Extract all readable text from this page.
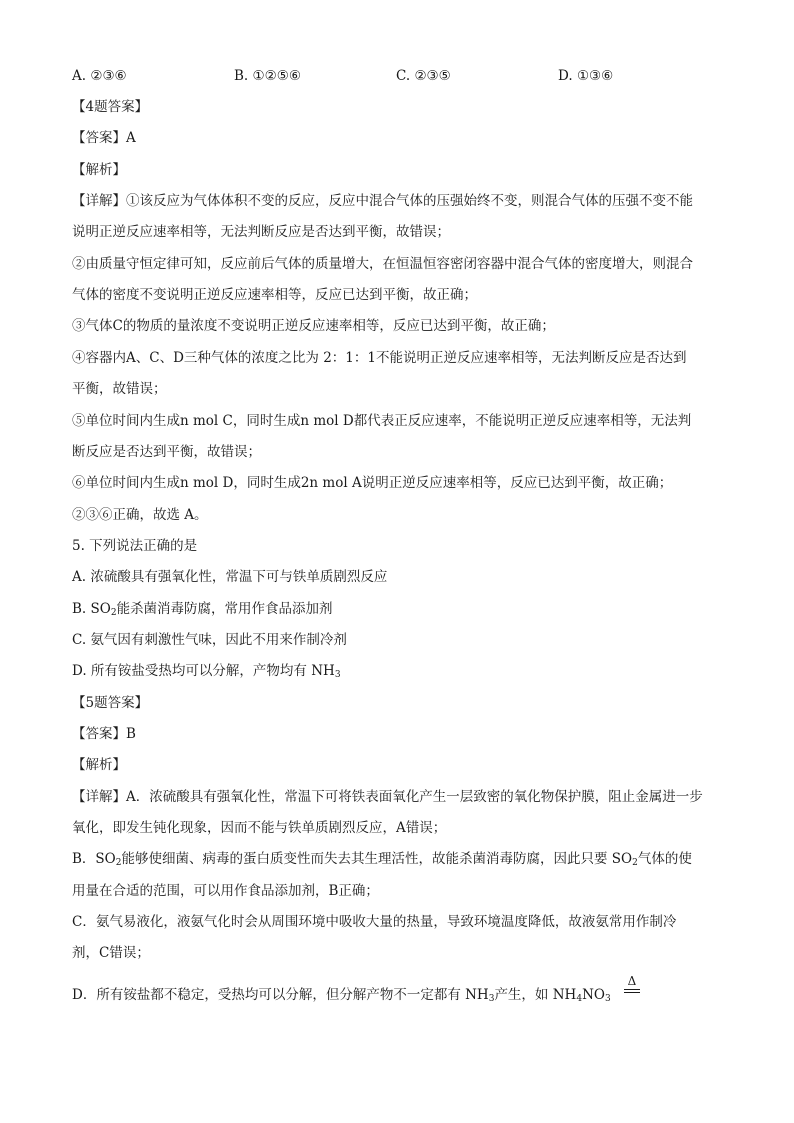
A. ②③⑥	B. ①②⑤⑥	C. ②③⑤	D. ①③⑥
【4题答案】
【答案】A
【解析】
【详解】①该反应为气体体积不变的反应，反应中混合气体的压强始终不变，则混合气体的压强不变不能
说明正逆反应速率相等，无法判断反应是否达到平衡，故错误；
②由质量守恒定律可知，反应前后气体的质量增大，在恒温恒容密闭容器中混合气体的密度增大，则混合
气体的密度不变说明正逆反应速率相等，反应已达到平衡，故正确；
③气体C的物质的量浓度不变说明正逆反应速率相等，反应已达到平衡，故正确；
④容器内A、C、D三种气体的浓度之比为 2：1：1不能说明正逆反应速率相等，无法判断反应是否达到
平衡，故错误；
⑤单位时间内生成n mol C，同时生成n mol D都代表正反应速率，不能说明正逆反应速率相等，无法判
断反应是否达到平衡，故错误；
⑥单位时间内生成n mol D，同时生成2n mol A说明正逆反应速率相等，反应已达到平衡，故正确；
②③⑥正确，故选 A。
5. 下列说法正确的是
A. 浓硫酸具有强氧化性，常温下可与铁单质剧烈反应
B. $SO_2$能杀菌消毒防腐，常用作食品添加剂
C. 氨气因有刺激性气味，因此不用来作制冷剂
D. 所有铵盐受热均可以分解，产物均有 $NH_3$
【5题答案】
【答案】B
【解析】
【详解】A．浓硫酸具有强氧化性，常温下可将铁表面氧化产生一层致密的氧化物保护膜，阻止金属进一步
氧化，即发生钝化现象，因而不能与铁单质剧烈反应，A错误；
B．$SO_2$能够使细菌、病毒的蛋白质变性而失去其生理活性，故能杀菌消毒防腐，因此只要 $SO_2$气体的使
用量在合适的范围，可以用作食品添加剂，B正确；
C．氨气易液化，液氨气化时会从周围环境中吸收大量的热量，导致环境温度降低，故液氨常用作制冷
剂，C错误；
D．所有铵盐都不稳定，受热均可以分解，但分解产物不一定都有 $NH_3$产生，如 $NH_4NO_3$
Δ
